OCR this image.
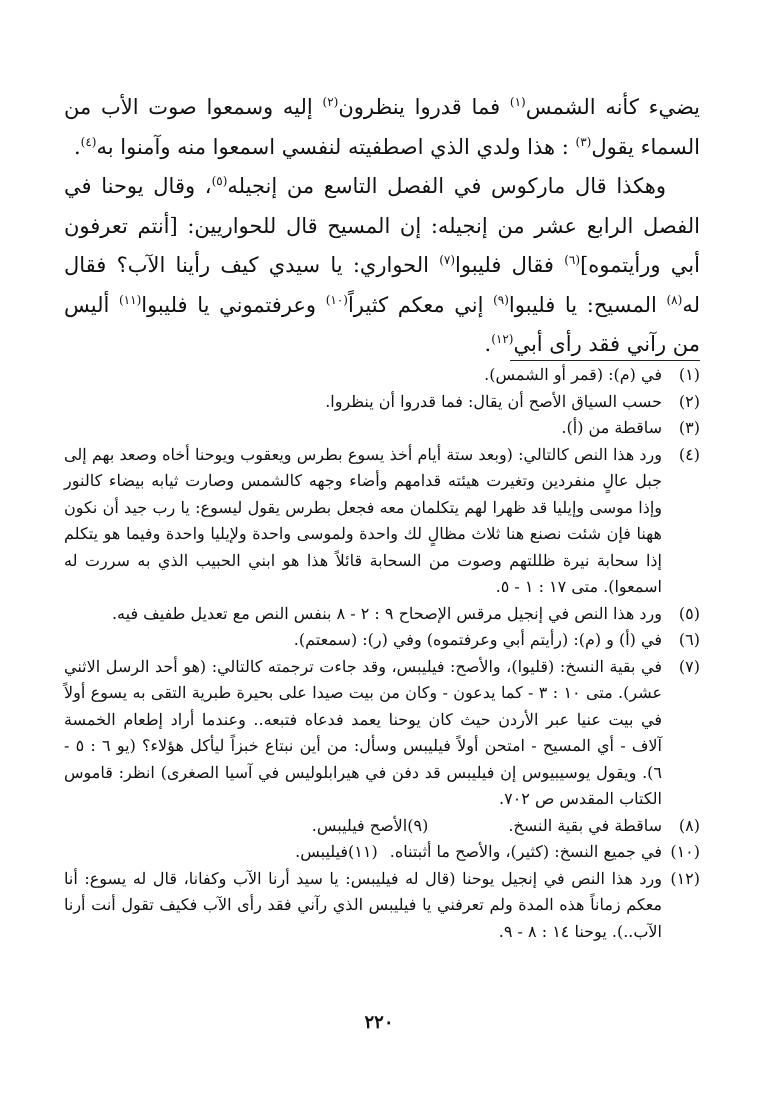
يضيء كأنه الشمس$^{(١)}$ فما قدروا ينظرون$^{(٢)}$ إليه وسمعوا صوت الأب من السماء يقول$^{(٣)}$ : هذا ولدي الذي اصطفيته لنفسي اسمعوا منه وآمنوا به$^{(٤)}$.

وهكذا قال ماركوس في الفصل التاسع من إنجيله$^{(٥)}$، وقال يوحنا في الفصل الرابع عشر من إنجيله: إن المسيح قال للحواريين: [أنتم تعرفون أبي ورأيتموه]$^{(٦)}$ فقال فليبوا$^{(٧)}$ الحواري: يا سيدي كيف رأينا الآب؟ فقال له$^{(٨)}$ المسيح: يا فليبوا$^{(٩)}$ إني معكم كثيراً$^{(١٠)}$ وعرفتموني يا فليبوا$^{(١١)}$ أليس من رآني فقد رأى أبي$^{(١٢)}$.

(١)
في (م): (قمر أو الشمس).
(٢)
حسب السياق الأصح أن يقال: فما قدروا أن ينظروا.
(٣)
ساقطة من (أ).
(٤)
ورد هذا النص كالتالي: (وبعد ستة أيام أخذ يسوع بطرس ويعقوب ويوحنا أخاه وصعد بهم إلى جبل عالٍ منفردين وتغيرت هيئته قدامهم وأضاء وجهه كالشمس وصارت ثيابه بيضاء كالنور وإذا موسى وإيليا قد ظهرا لهم يتكلمان معه فجعل بطرس يقول ليسوع: يا رب جيد أن نكون ههنا فإن شئت نصنع هنا ثلاث مظالٍ لك واحدة ولموسى واحدة ولإيليا واحدة وفيما هو يتكلم إذا سحابة نيرة ظللتهم وصوت من السحابة قائلاً هذا هو ابني الحبيب الذي به سررت له اسمعوا). متى ١٧ : ١ - ٥.
(٥)
ورد هذا النص في إنجيل مرقس الإصحاح ٩ : ٢ - ٨ بنفس النص مع تعديل طفيف فيه.
(٦)
في (أ) و (م): (رأيتم أبي وعرفتموه) وفي (ر): (سمعتم).
(٧)
في بقية النسخ: (قليوا)، والأصح: فيليبس، وقد جاءت ترجمته كالتالي: (هو أحد الرسل الاثني عشر). متى ١٠ : ٣ - كما يدعون - وكان من بيت صيدا على بحيرة طبرية التقى به يسوع أولاً في بيت عنيا عبر الأردن حيث كان يوحنا يعمد فدعاه فتبعه.. وعندما أراد إطعام الخمسة آلاف - أي المسيح - امتحن أولاً فيليبس وسأل: من أين نبتاع خبزاً ليأكل هؤلاء؟ (يو ٦ : ٥ - ٦). ويقول يوسيبيوس إن فيليبس قد دفن في هيرابلوليس في آسيا الصغرى) انظر: قاموس الكتاب المقدس ص ٧٠٢.
(٨)
ساقطة في بقية النسخ.
(٩)
الأصح فيليبس.
(١٠)
في جميع النسخ: (كثير)، والأصح ما أثبتناه.
(١١)
فيليبس.
(١٢)
ورد هذا النص في إنجيل يوحنا (قال له فيليبس: يا سيد أرنا الآب وكفانا، قال له يسوع: أنا معكم زماناً هذه المدة ولم تعرفني يا فيليبس الذي رآني فقد رأى الآب فكيف تقول أنت أرنا الآب..). يوحنا ١٤ : ٨ - ٩.
٢٢٠
